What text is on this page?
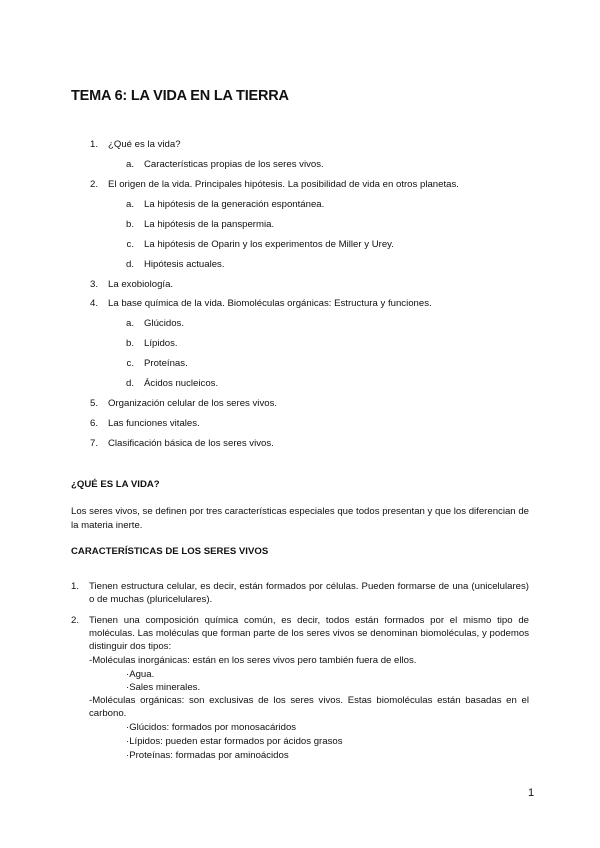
TEMA 6: LA VIDA EN LA TIERRA
1. ¿Qué es la vida?
a. Características propias de los seres vivos.
2. El origen de la vida. Principales hipótesis. La posibilidad de vida en otros planetas.
a. La hipótesis de la generación espontánea.
b. La hipótesis de la panspermia.
c. La hipótesis de Oparin y los experimentos de Miller y Urey.
d. Hipótesis actuales.
3. La exobiología.
4. La base química de la vida. Biomoléculas orgánicas: Estructura y funciones.
a. Glúcidos.
b. Lípidos.
c. Proteínas.
d. Ácidos nucleicos.
5. Organización celular de los seres vivos.
6. Las funciones vitales.
7. Clasificación básica de los seres vivos.
¿QUÉ ES LA VIDA?

Los seres vivos, se definen por tres características especiales que todos presentan y que los diferencian de la materia inerte.

CARACTERÍSTICAS DE LOS SERES VIVOS
1. Tienen estructura celular, es decir, están formados por células. Pueden formarse de una (unicelulares) o de muchas (pluricelulares).

2. Tienen una composición química común, es decir, todos están formados por el mismo tipo de moléculas. Las moléculas que forman parte de los seres vivos se denominan biomoléculas, y podemos distinguir dos tipos:

-Moléculas inorgánicas: están en los seres vivos pero también fuera de ellos.

·Agua.
·Sales minerales.

-Moléculas orgánicas: son exclusivas de los seres vivos. Estas biomoléculas están basadas en el carbono.

·Glúcidos: formados por monosacáridos
·Lípidos: pueden estar formados por ácidos grasos
·Proteínas: formadas por aminoácidos
1
